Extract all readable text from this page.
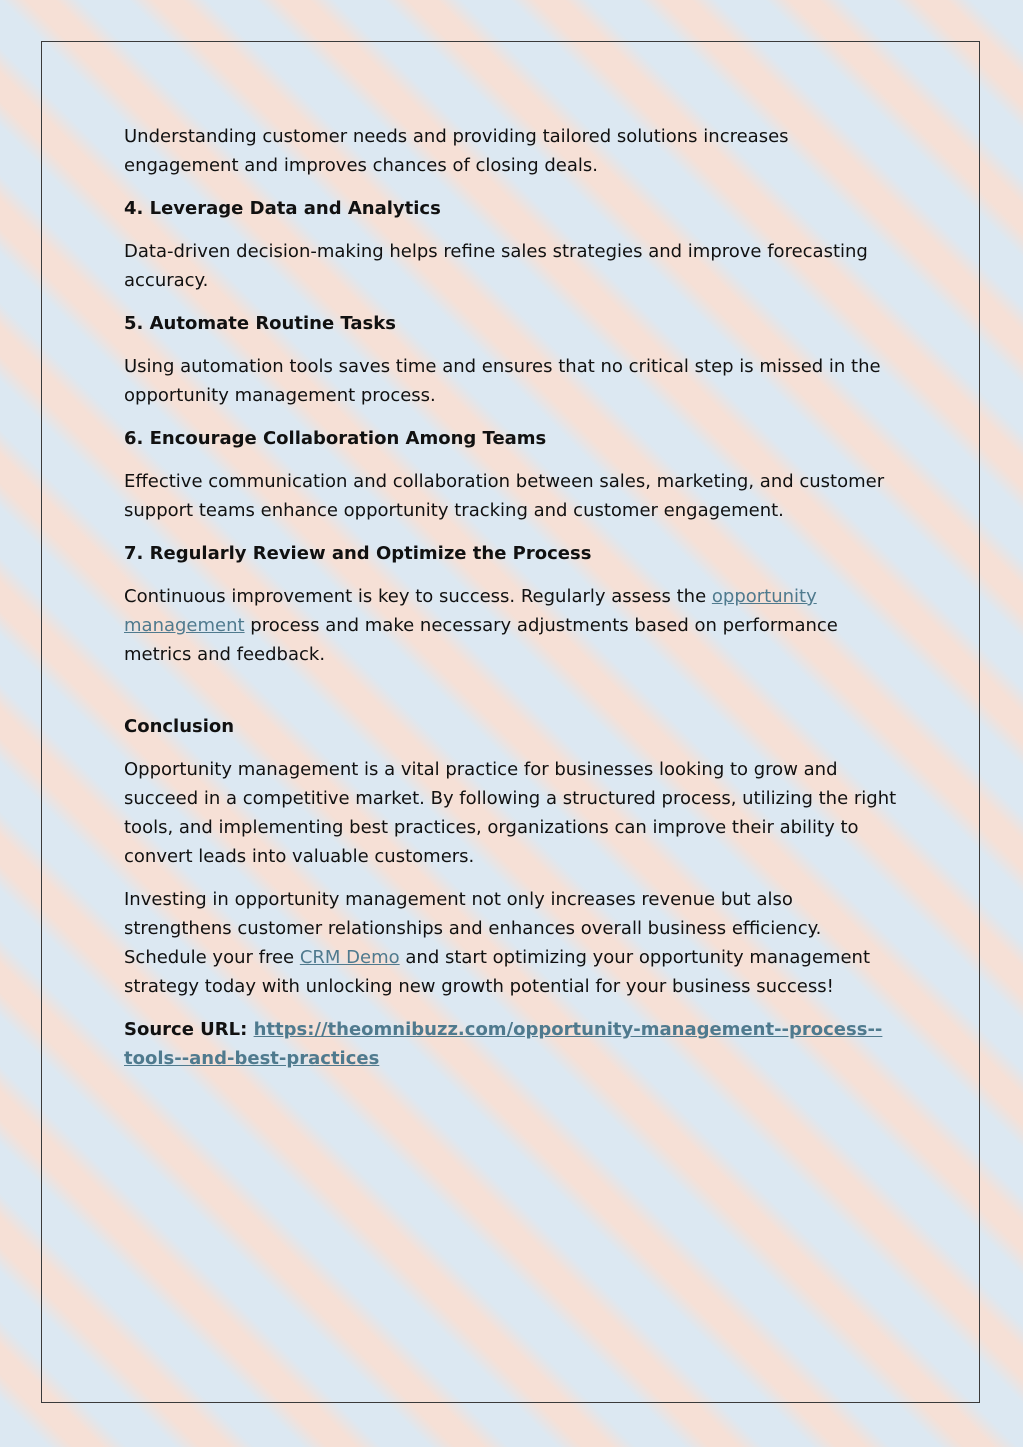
Understanding customer needs and providing tailored solutions increases engagement and improves chances of closing deals.

4. Leverage Data and Analytics

Data-driven decision-making helps refine sales strategies and improve forecasting accuracy.

5. Automate Routine Tasks

Using automation tools saves time and ensures that no critical step is missed in the opportunity management process.

6. Encourage Collaboration Among Teams

Effective communication and collaboration between sales, marketing, and customer support teams enhance opportunity tracking and customer engagement.

7. Regularly Review and Optimize the Process

Continuous improvement is key to success. Regularly assess the opportunity management process and make necessary adjustments based on performance metrics and feedback.

Conclusion

Opportunity management is a vital practice for businesses looking to grow and succeed in a competitive market. By following a structured process, utilizing the right tools, and implementing best practices, organizations can improve their ability to convert leads into valuable customers.

Investing in opportunity management not only increases revenue but also strengthens customer relationships and enhances overall business efficiency. Schedule your free CRM Demo and start optimizing your opportunity management strategy today with unlocking new growth potential for your business success!

Source URL: https://theomnibuzz.com/opportunity-management--process--tools--and-best-practices
